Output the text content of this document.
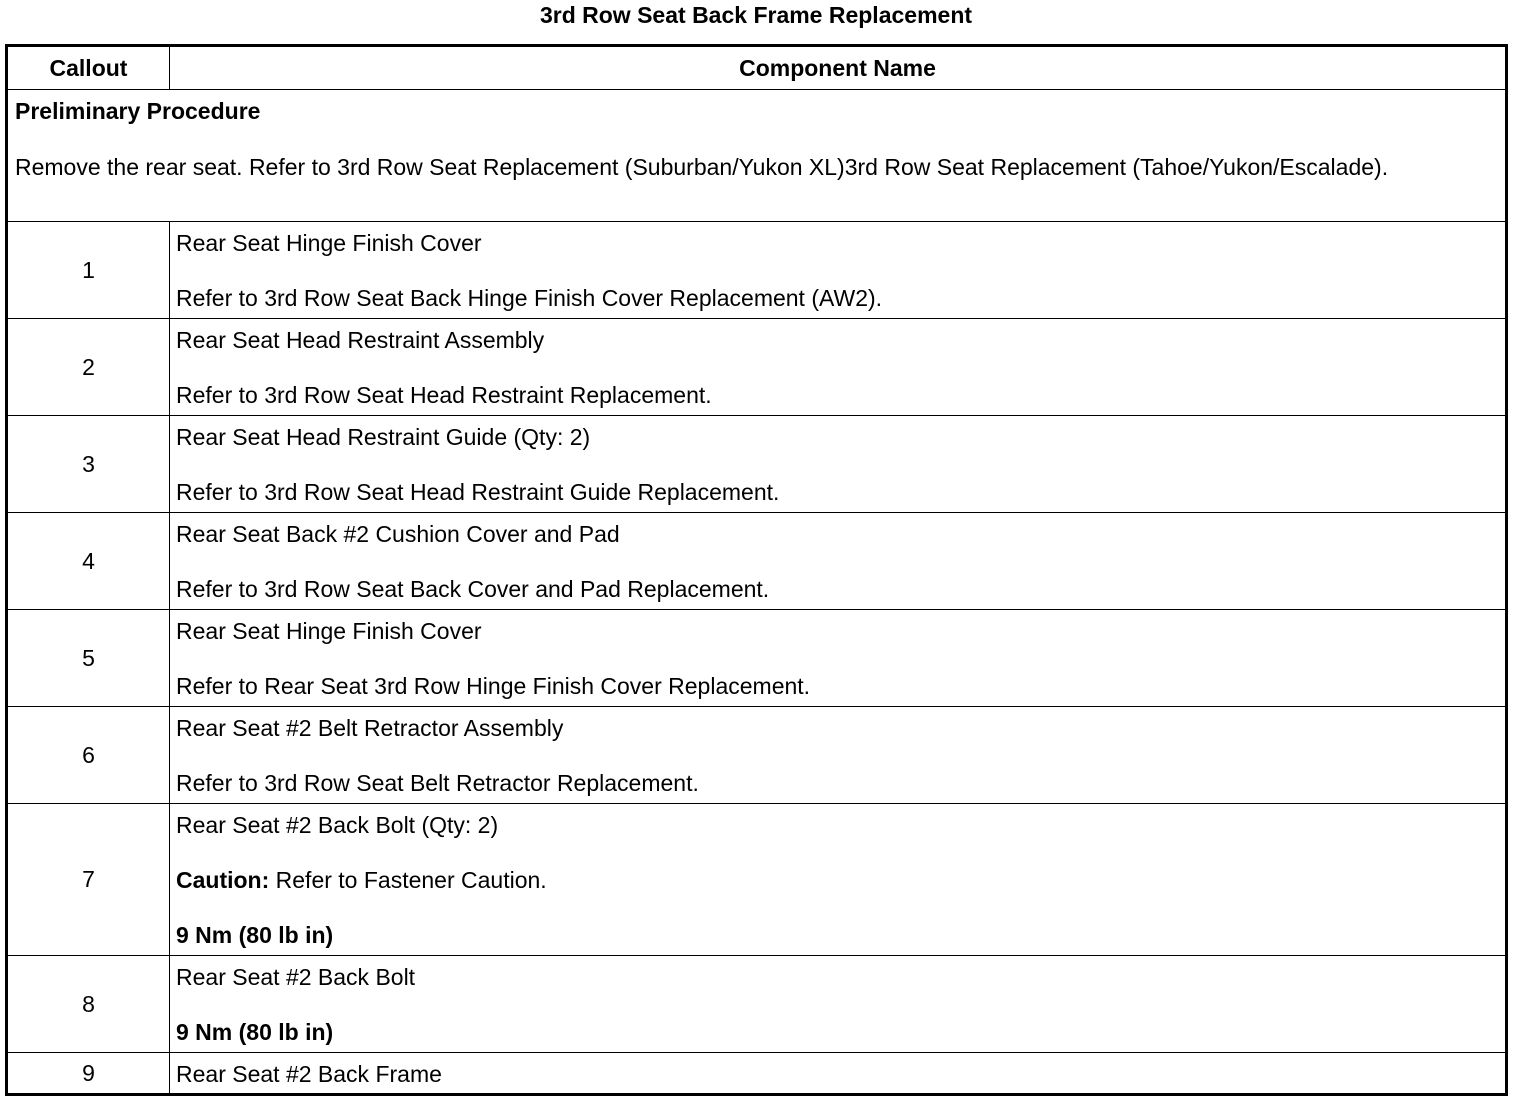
3rd Row Seat Back Frame Replacement
Callout	Component Name

Preliminary Procedure
Remove the rear seat. Refer to 3rd Row Seat Replacement (Suburban/Yukon XL)3rd Row Seat Replacement (Tahoe/Yukon/Escalade).	

1	Rear Seat Hinge Finish Cover
Refer to 3rd Row Seat Back Hinge Finish Cover Replacement (AW2).

2	Rear Seat Head Restraint Assembly
Refer to 3rd Row Seat Head Restraint Replacement.

3	Rear Seat Head Restraint Guide (Qty: 2)
Refer to 3rd Row Seat Head Restraint Guide Replacement.

4	Rear Seat Back #2 Cushion Cover and Pad
Refer to 3rd Row Seat Back Cover and Pad Replacement.

5	Rear Seat Hinge Finish Cover
Refer to Rear Seat 3rd Row Hinge Finish Cover Replacement.

6	Rear Seat #2 Belt Retractor Assembly
Refer to 3rd Row Seat Belt Retractor Replacement.

7	Rear Seat #2 Back Bolt (Qty: 2)
Caution: Refer to Fastener Caution.
9 Nm (80 lb in)

8	Rear Seat #2 Back Bolt
9 Nm (80 lb in)

9	Rear Seat #2 Back Frame
